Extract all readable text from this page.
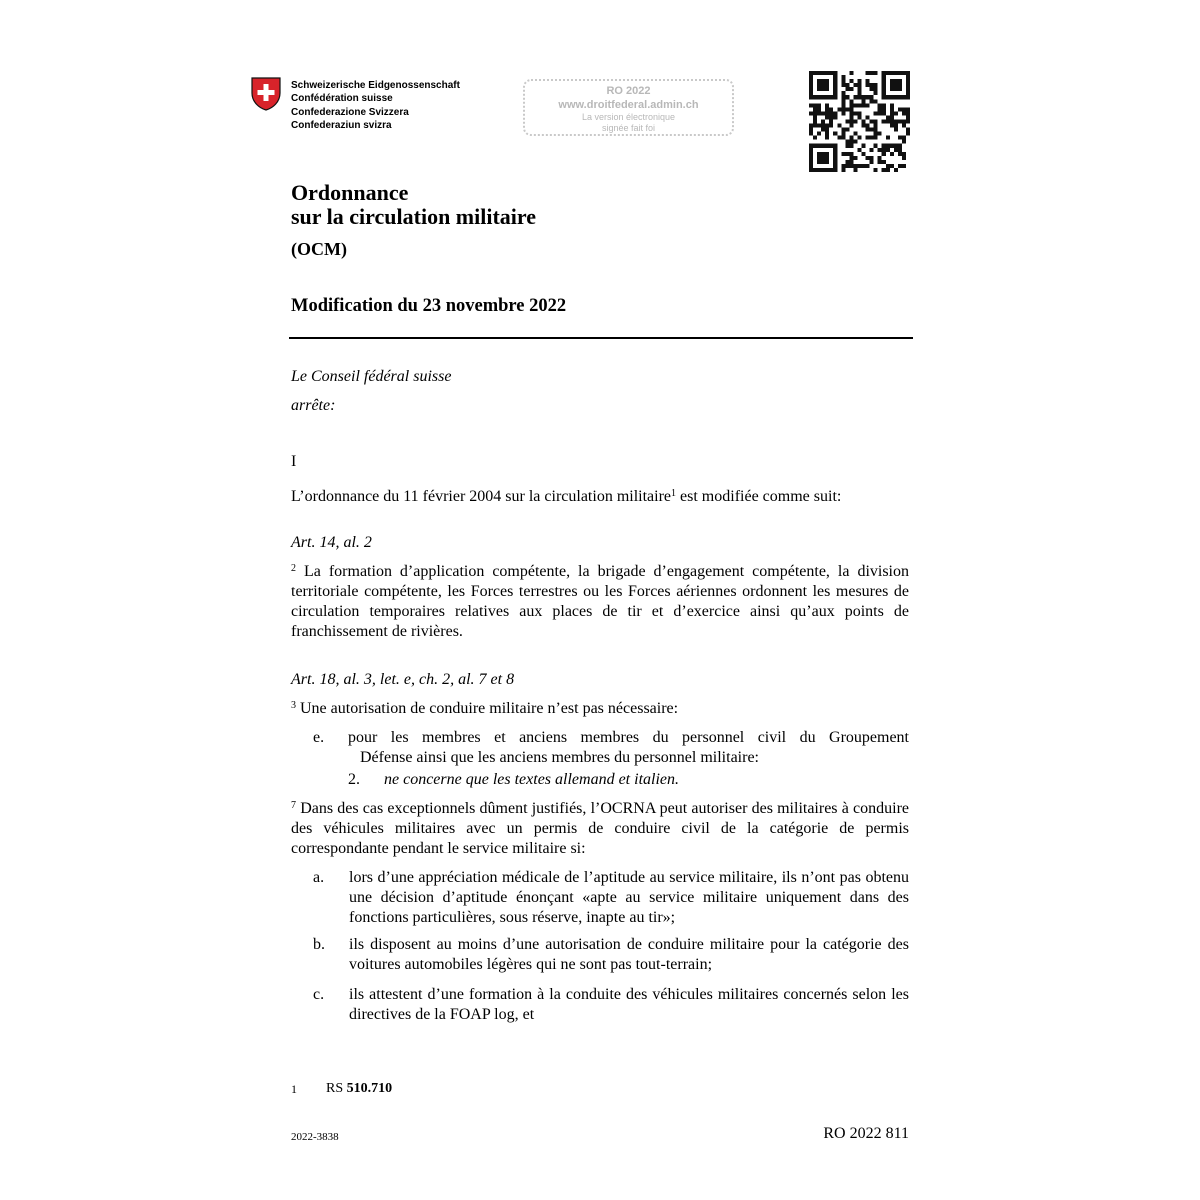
Schweizerische Eidgenossenschaft
Confédération suisse
Confederazione Svizzera
Confederaziun svizra
RO 2022
www.droitfederal.admin.ch
La version électronique
signée fait foi
Ordonnance
sur la circulation militaire
(OCM)
Modification du 23 novembre 2022
Le Conseil fédéral suisse
arrête:
I
L’ordonnance du 11 février 2004 sur la circulation militaire$^1$ est modifiée comme suit:
Art. 14, al. 2
$^2$ La formation d’application compétente, la brigade d’engagement compétente, la division territoriale compétente, les Forces terrestres ou les Forces aériennes ordonnent les mesures de circulation temporaires relatives aux places de tir et d’exercice ainsi qu’aux points de franchissement de rivières.
Art. 18, al. 3, let. e, ch. 2, al. 7 et 8
$^3$ Une autorisation de conduire militaire n’est pas nécessaire:
e.	pour les membres et anciens membres du personnel civil du Groupement
Défense ainsi que les anciens membres du personnel militaire:
2.	ne concerne que les textes allemand et italien.
$^7$ Dans des cas exceptionnels dûment justifiés, l’OCRNA peut autoriser des militaires à conduire des véhicules militaires avec un permis de conduire civil de la catégorie de permis correspondante pendant le service militaire si:
a.	lors d’une appréciation médicale de l’aptitude au service militaire, ils n’ont pas obtenu une décision d’aptitude énonçant «apte au service militaire uniquement dans des fonctions particulières, sous réserve, inapte au tir»;
b.	ils disposent au moins d’une autorisation de conduire militaire pour la catégorie des voitures automobiles légères qui ne sont pas tout-terrain;
c.	ils attestent d’une formation à la conduite des véhicules militaires concernés selon les directives de la FOAP log, et
1	RS 510.710
2022-3838	RO 2022 811
